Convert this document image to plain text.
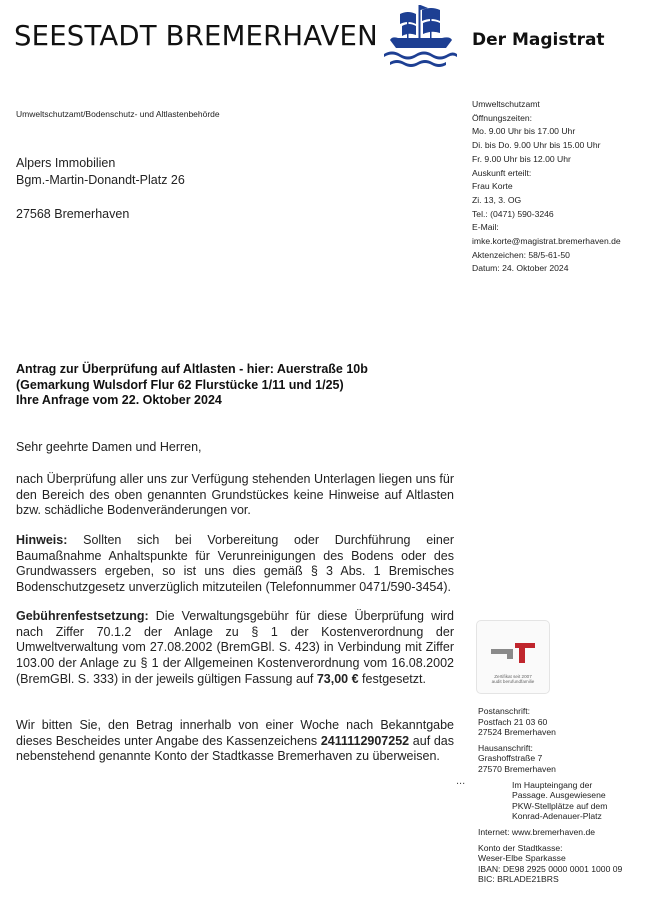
SEESTADT BREMERHAVEN	Der Magistrat
Umweltschutzamt/Bodenschutz- und Altlastenbehörde
Alpers Immobilien
Bgm.-Martin-Donandt-Platz 26
27568 Bremerhaven
Umweltschutzamt
Öffnungszeiten:
Mo. 9.00 Uhr bis 17.00 Uhr
Di. bis Do. 9.00 Uhr bis 15.00 Uhr
Fr. 9.00 Uhr bis 12.00 Uhr
Auskunft erteilt:
Frau Korte
Zi. 13, 3. OG
Tel.: (0471) 590-3246
E-Mail:
imke.korte@magistrat.bremerhaven.de
Aktenzeichen: 58/5-61-50
Datum: 24. Oktober 2024
Antrag zur Überprüfung auf Altlasten - hier: Auerstraße 10b
(Gemarkung Wulsdorf Flur 62 Flurstücke 1/11 und 1/25)
Ihre Anfrage vom 22. Oktober 2024
Sehr geehrte Damen und Herren,
nach Überprüfung aller uns zur Verfügung stehenden Unterlagen liegen uns für den Bereich des oben genannten Grundstückes keine Hinweise auf Altlasten bzw. schädliche Bodenveränderungen vor.
Hinweis: Sollten sich bei Vorbereitung oder Durchführung einer Baumaßnahme Anhaltspunkte für Verunreinigungen des Bodens oder des Grundwassers ergeben, so ist uns dies gemäß § 3 Abs. 1 Bremisches Bodenschutzgesetz unverzüglich mitzuteilen (Telefonnummer 0471/590-3454).
Gebührenfestsetzung: Die Verwaltungsgebühr für diese Überprüfung wird nach Ziffer 70.1.2 der Anlage zu § 1 der Kostenverordnung der Umweltverwaltung vom 27.08.2002 (BremGBl. S. 423) in Verbindung mit Ziffer 103.00 der Anlage zu § 1 der Allgemeinen Kostenverordnung vom 16.08.2002 (BremGBl. S. 333) in der jeweils gültigen Fassung auf 73,00 € festgesetzt.
Wir bitten Sie, den Betrag innerhalb von einer Woche nach Bekanntgabe dieses Bescheides unter Angabe des Kassenzeichens 2411112907252 auf das nebenstehend genannte Konto der Stadtkasse Bremerhaven zu überweisen.
...
Zertifikat seit 2007
audit berufundfamilie
Postanschrift:
Postfach 21 03 60
27524 Bremerhaven
Hausanschrift:
Grashoffstraße 7
27570 Bremerhaven
Im Haupteingang der
Passage. Ausgewiesene
PKW-Stellplätze auf dem
Konrad-Adenauer-Platz
Internet: www.bremerhaven.de
Konto der Stadtkasse:
Weser-Elbe Sparkasse
IBAN: DE98 2925 0000 0001 1000 09
BIC: BRLADE21BRS
